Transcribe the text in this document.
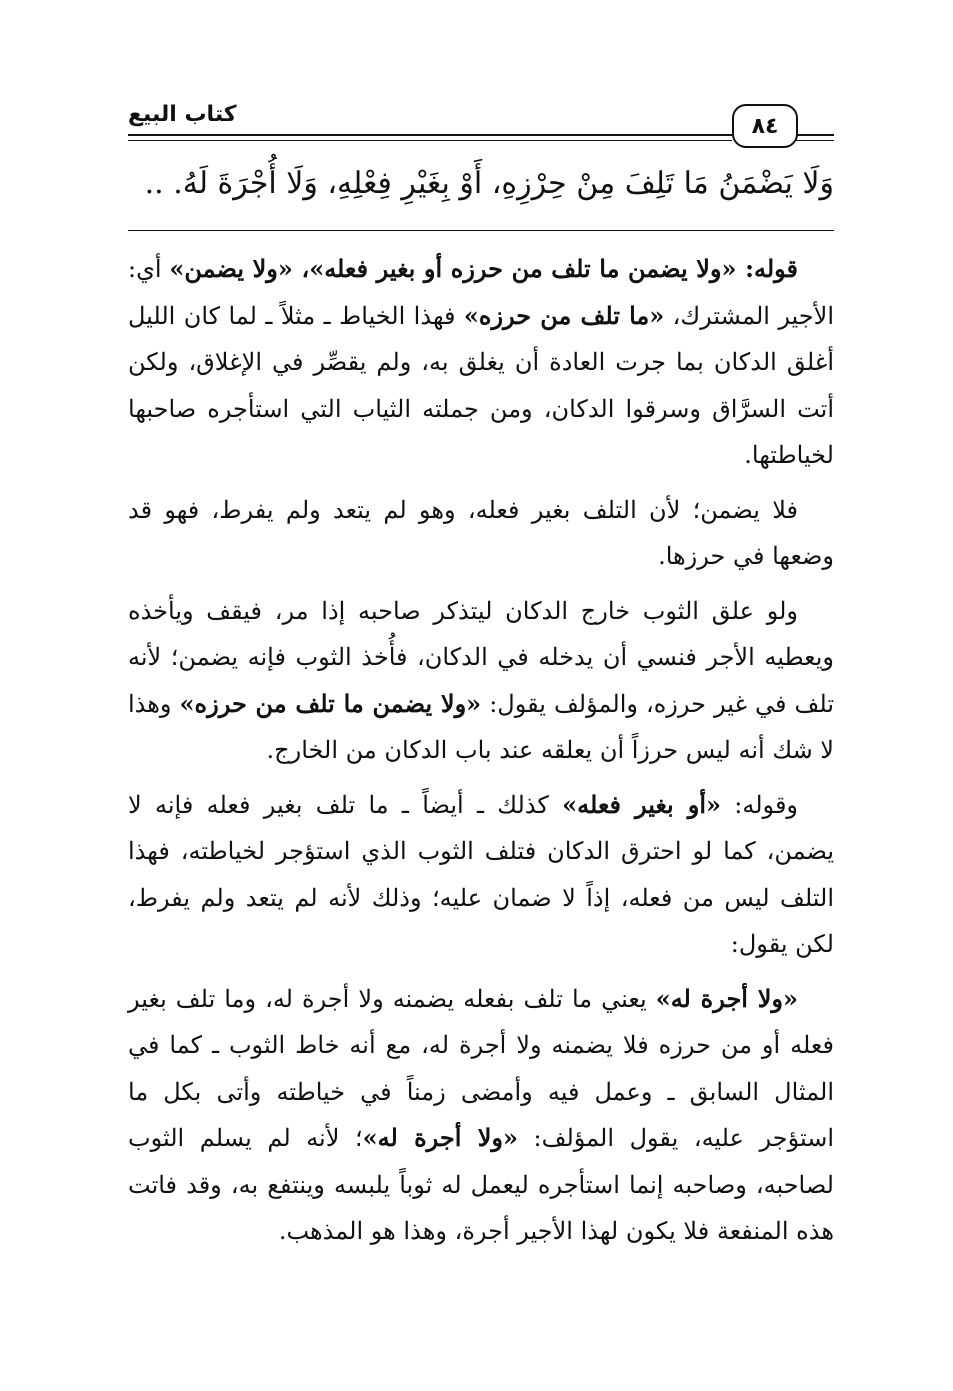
كتاب البيع	٨٤
وَلَا يَضْمَنُ مَا تَلِفَ مِنْ حِرْزِهِ، أَوْ بِغَيْرِ فِعْلِهِ، وَلَا أُجْرَةَ لَهُ. ..

قوله: «ولا يضمن ما تلف من حرزه أو بغير فعله»، «ولا يضمن» أي: الأجير المشترك، «ما تلف من حرزه» فهذا الخياط ـ مثلاً ـ لما كان الليل أغلق الدكان بما جرت العادة أن يغلق به، ولم يقصِّر في الإغلاق، ولكن أتت السرَّاق وسرقوا الدكان، ومن جملته الثياب التي استأجره صاحبها لخياطتها.

فلا يضمن؛ لأن التلف بغير فعله، وهو لم يتعد ولم يفرط، فهو قد وضعها في حرزها.

ولو علق الثوب خارج الدكان ليتذكر صاحبه إذا مر، فيقف ويأخذه ويعطيه الأجر فنسي أن يدخله في الدكان، فأُخذ الثوب فإنه يضمن؛ لأنه تلف في غير حرزه، والمؤلف يقول: «ولا يضمن ما تلف من حرزه» وهذا لا شك أنه ليس حرزاً أن يعلقه عند باب الدكان من الخارج.

وقوله: «أو بغير فعله» كذلك ـ أيضاً ـ ما تلف بغير فعله فإنه لا يضمن، كما لو احترق الدكان فتلف الثوب الذي استؤجر لخياطته، فهذا التلف ليس من فعله، إذاً لا ضمان عليه؛ وذلك لأنه لم يتعد ولم يفرط، لكن يقول:

«ولا أجرة له» يعني ما تلف بفعله يضمنه ولا أجرة له، وما تلف بغير فعله أو من حرزه فلا يضمنه ولا أجرة له، مع أنه خاط الثوب ـ كما في المثال السابق ـ وعمل فيه وأمضى زمناً في خياطته وأتى بكل ما استؤجر عليه، يقول المؤلف: «ولا أجرة له»؛ لأنه لم يسلم الثوب لصاحبه، وصاحبه إنما استأجره ليعمل له ثوباً يلبسه وينتفع به، وقد فاتت هذه المنفعة فلا يكون لهذا الأجير أجرة، وهذا هو المذهب.
